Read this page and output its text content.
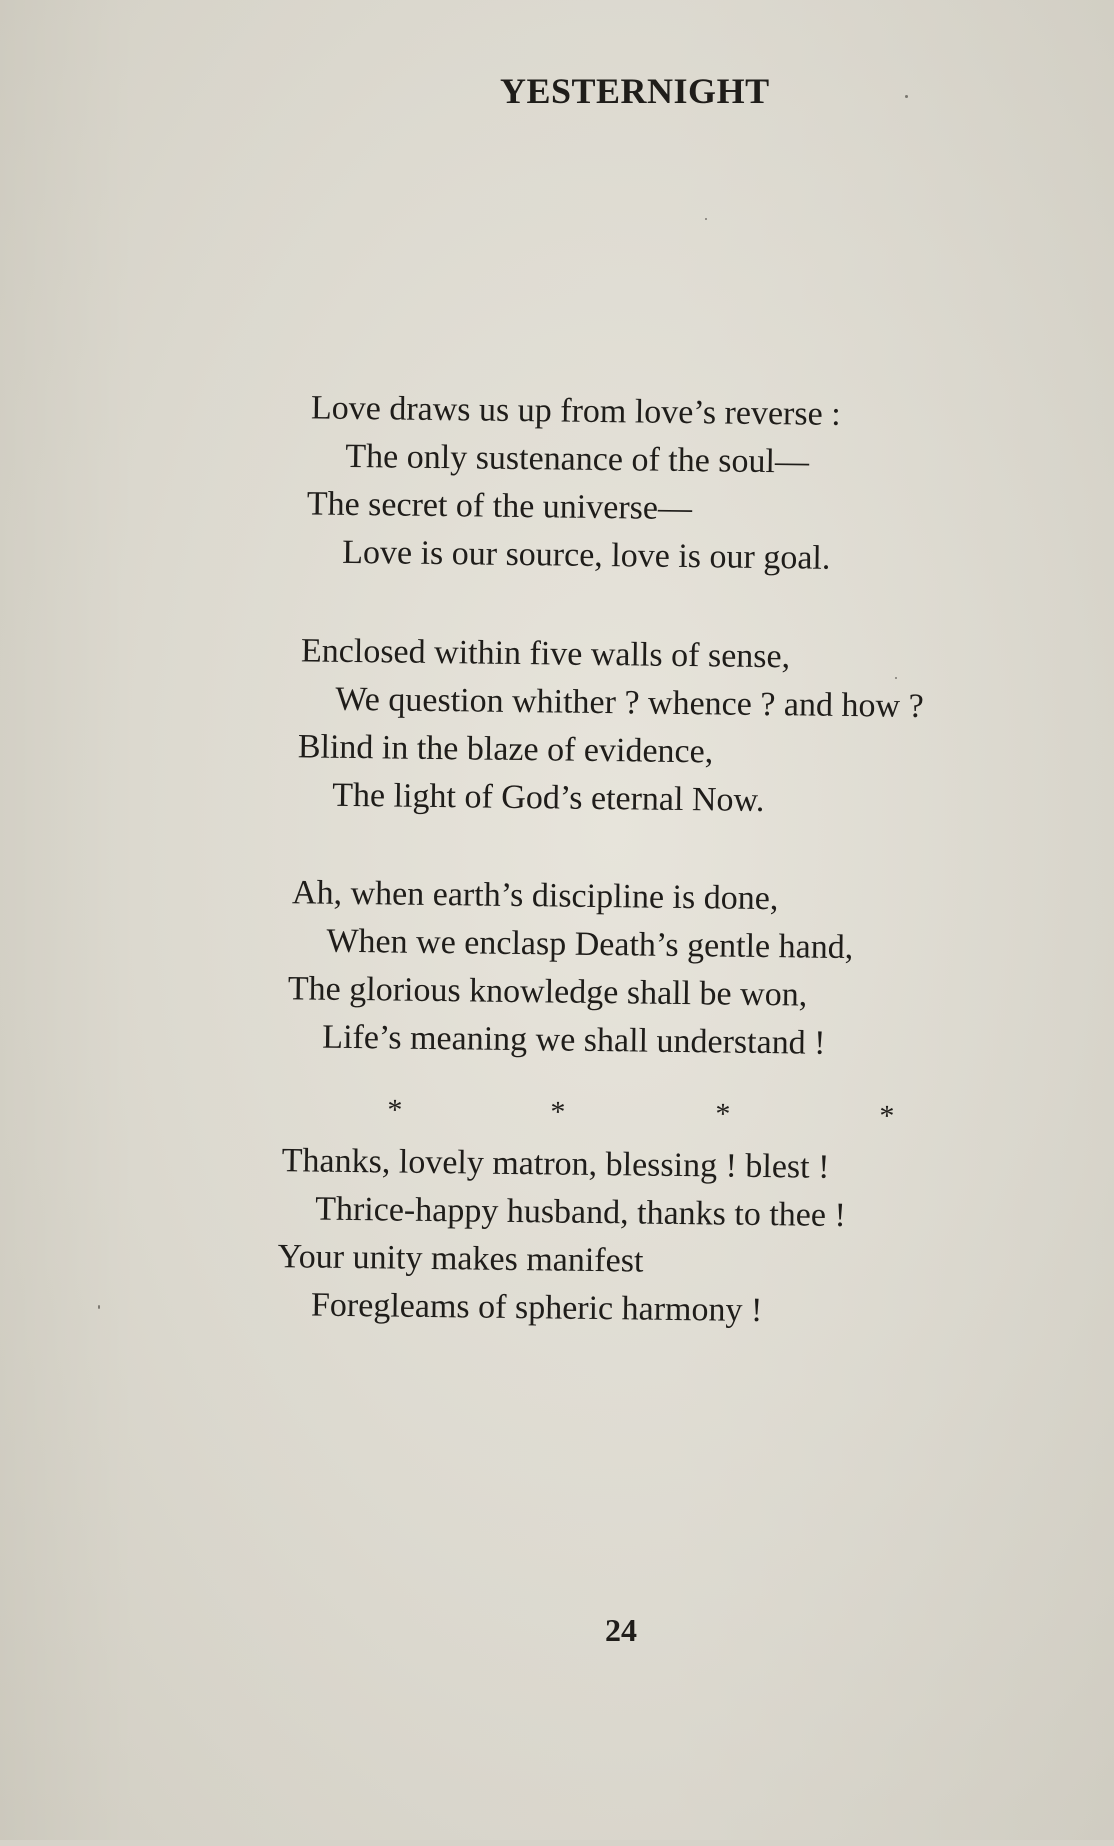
YESTERNIGHT
Love draws us up from love’s reverse :
The only sustenance of the soul—
The secret of the universe—
Love is our source, love is our goal.
Enclosed within five walls of sense,
We question whither ? whence ? and how ?
Blind in the blaze of evidence,
The light of God’s eternal Now.
Ah, when earth’s discipline is done,
When we enclasp Death’s gentle hand,
The glorious knowledge shall be won,
Life’s meaning we shall understand !
*	*	*	*
Thanks, lovely matron, blessing ! blest !
Thrice-happy husband, thanks to thee !
Your unity makes manifest
Foregleams of spheric harmony !
24
